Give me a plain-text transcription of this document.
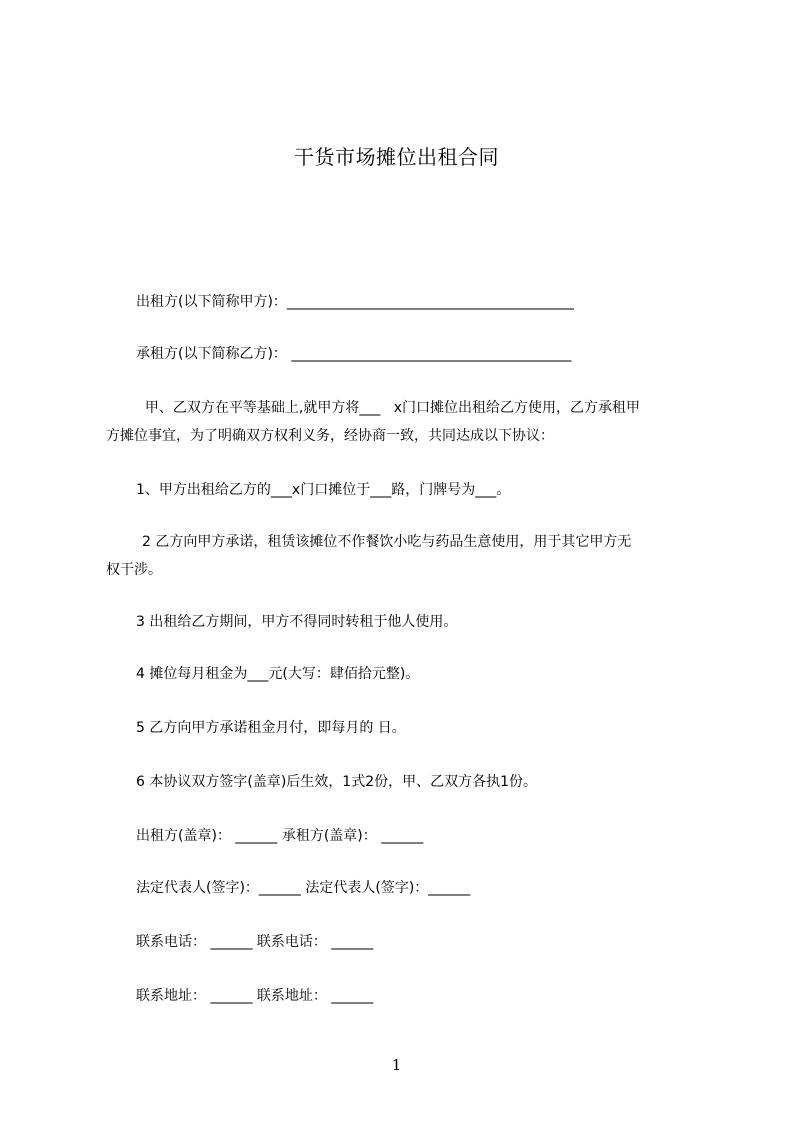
干货市场摊位出租合同
出租方(以下简称甲方)：_________________________________________
承租方(以下简称乙方)： ________________________________________
甲、乙双方在平等基础上,就甲方将___   x门口摊位出租给乙方使用，乙方承租甲
方摊位事宜，为了明确双方权利义务，经协商一致，共同达成以下协议：
1、甲方出租给乙方的___x门口摊位于___路，门牌号为___。
2 乙方向甲方承诺，租赁该摊位不作餐饮小吃与药品生意使用，用于其它甲方无
权干涉。
3 出租给乙方期间，甲方不得同时转租于他人使用。
4 摊位每月租金为___元(大写：肆佰拾元整)。
5 乙方向甲方承诺租金月付，即每月的 日。
6 本协议双方签字(盖章)后生效，1式2份，甲、乙双方各执1份。
出租方(盖章)： ______ 承租方(盖章)： ______
法定代表人(签字)：______ 法定代表人(签字)：______
联系电话： ______ 联系电话： ______
联系地址： ______ 联系地址： ______
1
